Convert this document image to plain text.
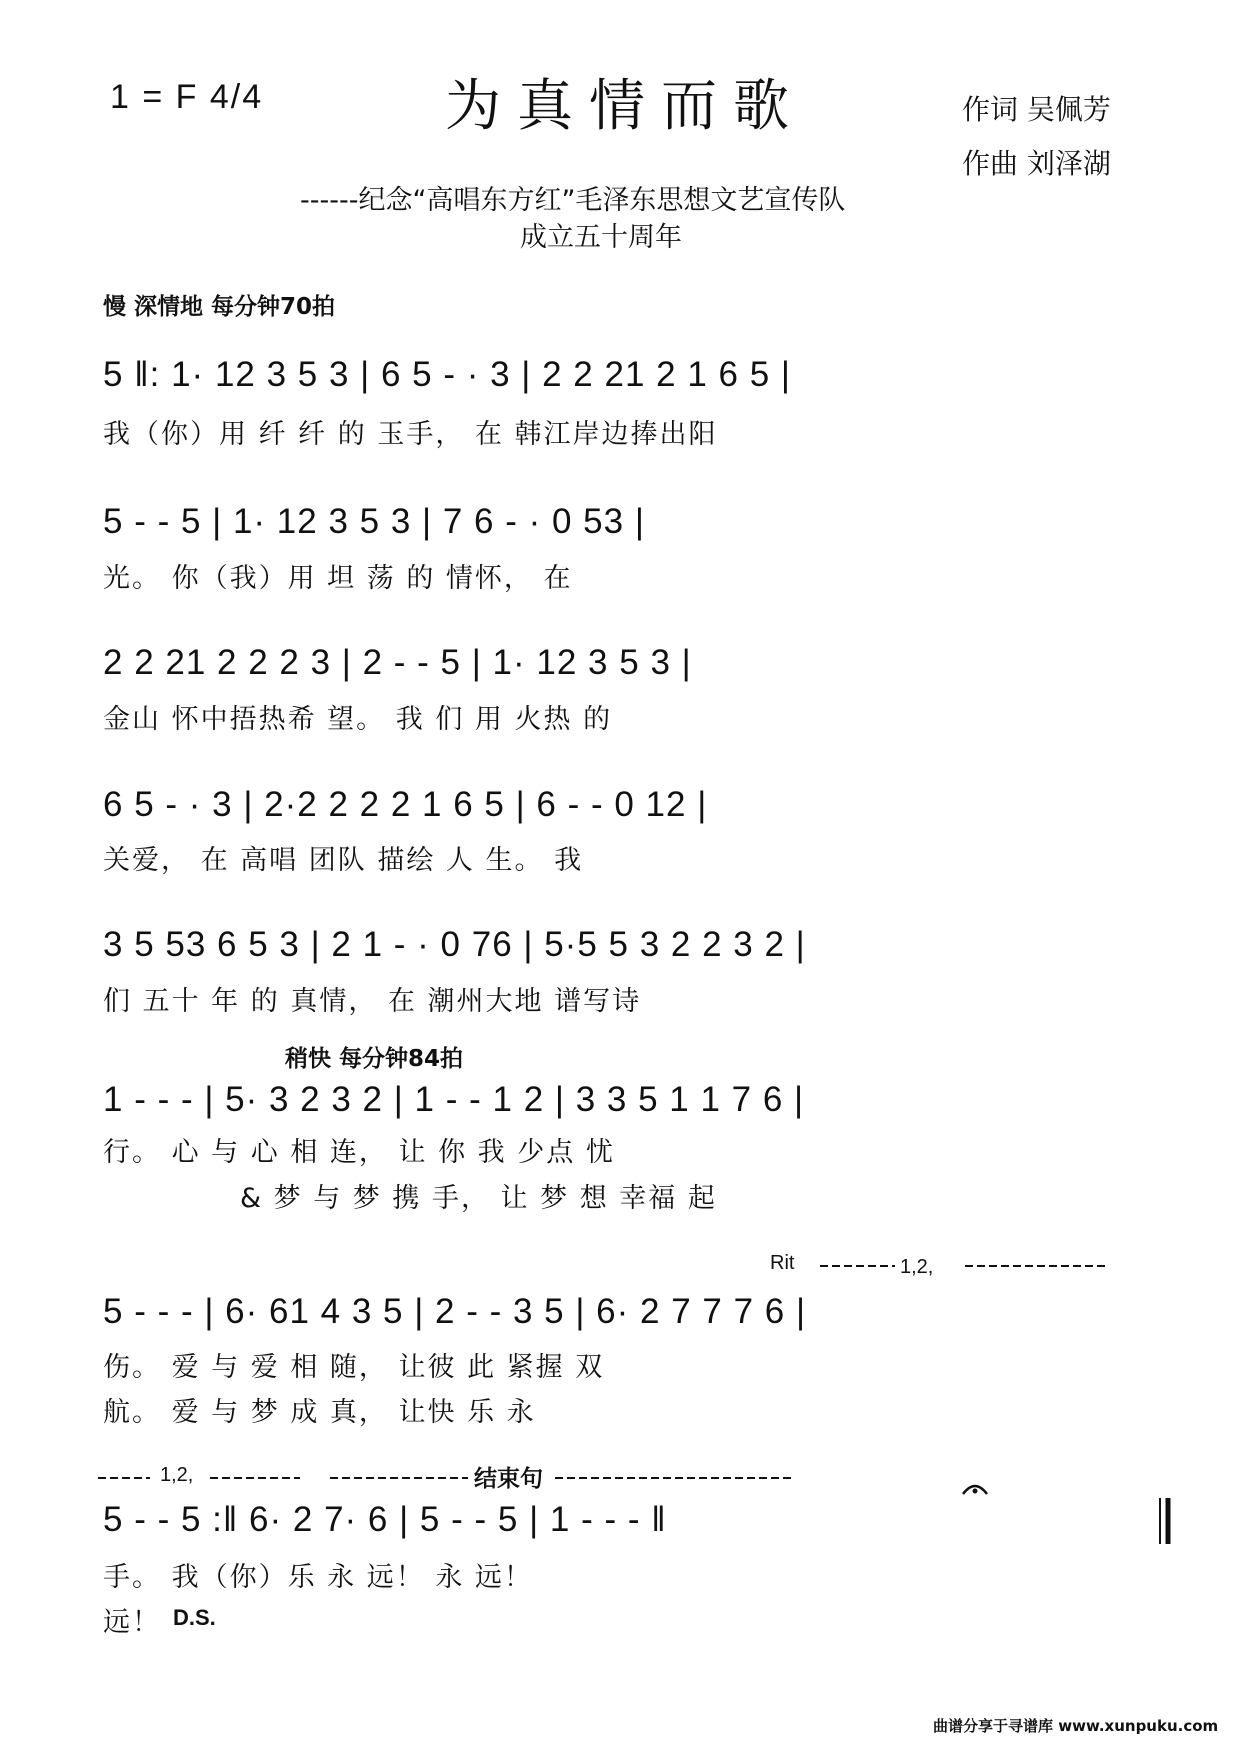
1 = F 4/4	为真情而歌	作词 吴佩芳
作曲 刘泽湖
------纪念“高唱东方红”毛泽东思想文艺宣传队
成立五十周年
慢 深情地 每分钟70拍
5 ‖: 1· 12 3 5 3 | 6 5 - · 3 | 2 2 21 2 1 6 5 |
我（你）用 纤 纤 的 玉手， 在 韩江岸边捧出阳
5 - - 5 | 1· 12 3 5 3 | 7 6 - · 0 53 |
光。 你（我）用 坦 荡 的 情怀， 在
2 2 21 2 2 2 3 | 2 - - 5 | 1· 12 3 5 3 |
金山 怀中捂热希 望。 我 们 用 火热 的
6 5 - · 3 | 2·2 2 2 2 1 6 5 | 6 - - 0 12 |
关爱， 在 高唱 团队 描绘 人 生。 我
3 5 53 6 5 3 | 2 1 - · 0 76 | 5·5 5 3 2 2 3 2 |
们 五十 年 的 真情， 在 潮州大地 谱写诗
稍快 每分钟84拍
1 - - - | 5· 3 2 3 2 | 1 - - 1 2 | 3 3 5 1 1 7 6 |
行。 心 与 心 相 连， 让 你 我 少点 忧
& 梦 与 梦 携 手， 让 梦 想 幸福 起
Rit	1,2,
5 - - - | 6· 61 4 3 5 | 2 - - 3 5 | 6· 2 7 7 7 6 |
伤。 爱 与 爱 相 随， 让彼 此 紧握 双
航。 爱 与 梦 成 真， 让快 乐 永
1,2,	结束句
5 - - 5 :‖ 6· 2 7· 6 | 5 - - 5 | 1 - - - ‖
手。 我（你）乐 永 远！ 永 远！
远！ D.S.
曲谱分享于寻谱库 www.xunpuku.com
